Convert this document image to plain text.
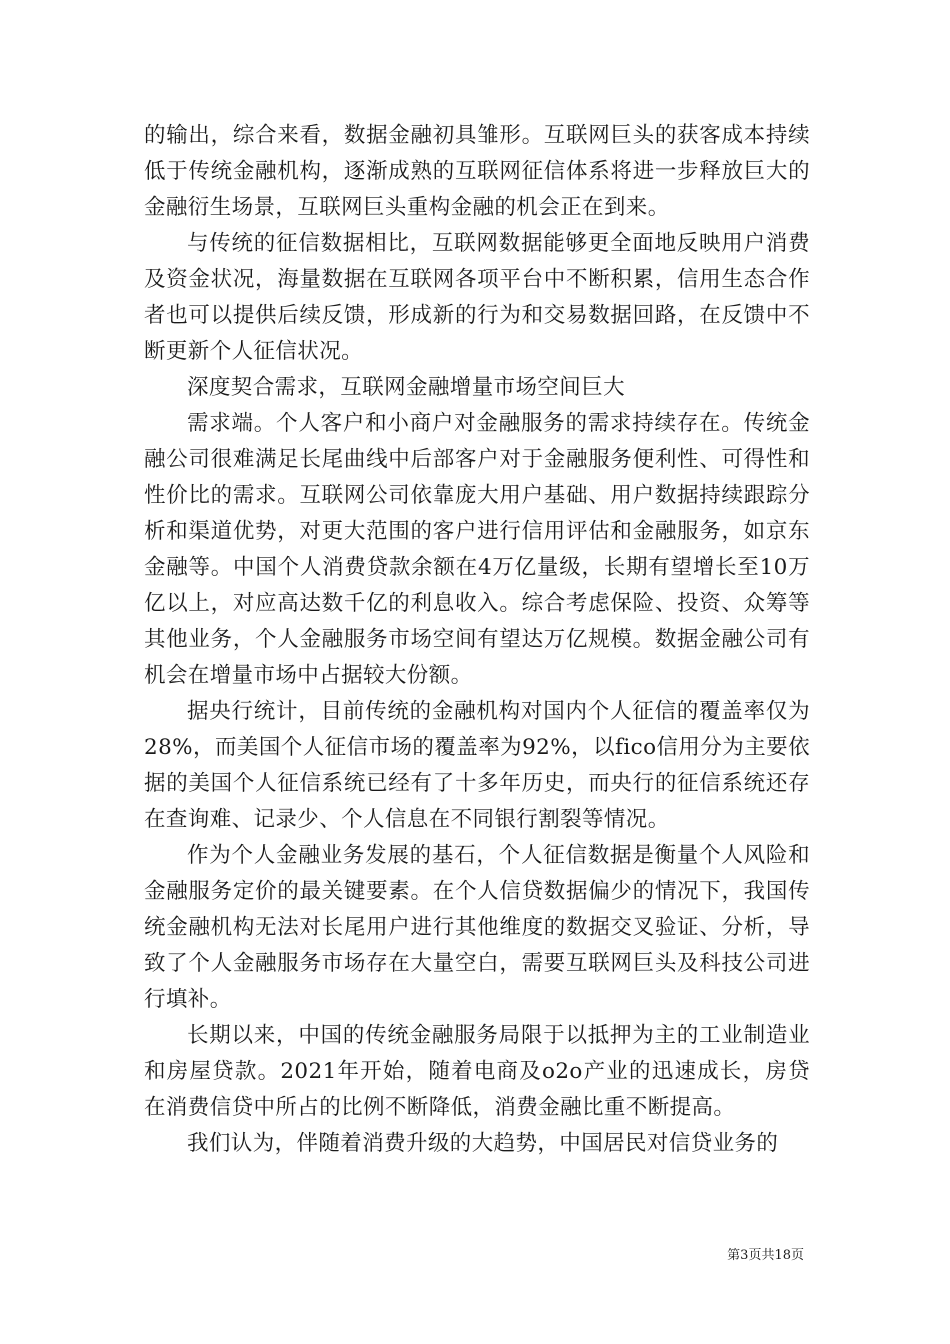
的输出，综合来看，数据金融初具雏形。互联网巨头的获客成本持续低于传统金融机构，逐渐成熟的互联网征信体系将进一步释放巨大的金融衍生场景，互联网巨头重构金融的机会正在到来。

与传统的征信数据相比，互联网数据能够更全面地反映用户消费及资金状况，海量数据在互联网各项平台中不断积累，信用生态合作者也可以提供后续反馈，形成新的行为和交易数据回路，在反馈中不断更新个人征信状况。

深度契合需求，互联网金融增量市场空间巨大

需求端。个人客户和小商户对金融服务的需求持续存在。传统金融公司很难满足长尾曲线中后部客户对于金融服务便利性、可得性和性价比的需求。互联网公司依靠庞大用户基础、用户数据持续跟踪分析和渠道优势，对更大范围的客户进行信用评估和金融服务，如京东金融等。中国个人消费贷款余额在4万亿量级，长期有望增长至10万亿以上，对应高达数千亿的利息收入。综合考虑保险、投资、众筹等其他业务，个人金融服务市场空间有望达万亿规模。数据金融公司有机会在增量市场中占据较大份额。

据央行统计，目前传统的金融机构对国内个人征信的覆盖率仅为28%，而美国个人征信市场的覆盖率为92%，以fico信用分为主要依据的美国个人征信系统已经有了十多年历史，而央行的征信系统还存在查询难、记录少、个人信息在不同银行割裂等情况。

作为个人金融业务发展的基石，个人征信数据是衡量个人风险和金融服务定价的最关键要素。在个人信贷数据偏少的情况下，我国传统金融机构无法对长尾用户进行其他维度的数据交叉验证、分析，导致了个人金融服务市场存在大量空白，需要互联网巨头及科技公司进行填补。

长期以来，中国的传统金融服务局限于以抵押为主的工业制造业和房屋贷款。2021年开始，随着电商及o2o产业的迅速成长，房贷在消费信贷中所占的比例不断降低，消费金融比重不断提高。

我们认为，伴随着消费升级的大趋势，中国居民对信贷业务的

第3页共18页
